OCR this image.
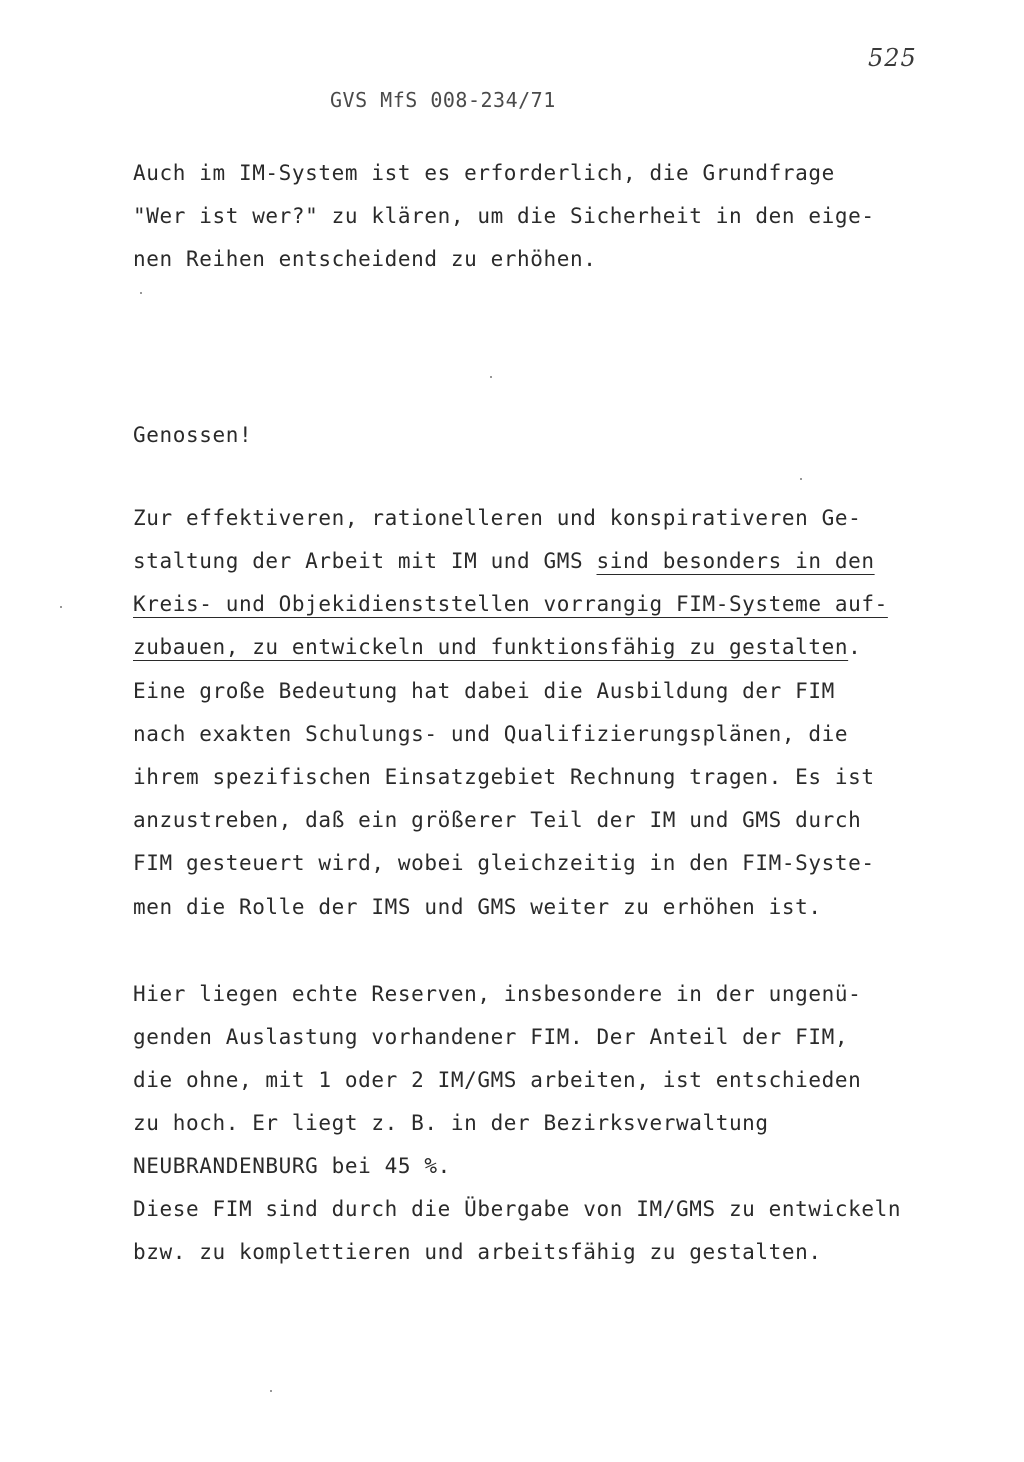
525
GVS MfS 008-234/71
Auch im IM-System ist es erforderlich, die Grundfrage
"Wer ist wer?" zu klären, um die Sicherheit in den eige-
nen Reihen entscheidend zu erhöhen.
Genossen!
Zur effektiveren, rationelleren und konspirativeren Ge-
staltung der Arbeit mit IM und GMS sind besonders in den
Kreis- und Objekidienststellen vorrangig FIM-Systeme auf-
zubauen, zu entwickeln und funktionsfähig zu gestalten.
Eine große Bedeutung hat dabei die Ausbildung der FIM
nach exakten Schulungs- und Qualifizierungsplänen, die
ihrem spezifischen Einsatzgebiet Rechnung tragen. Es ist
anzustreben, daß ein größerer Teil der IM und GMS durch
FIM gesteuert wird, wobei gleichzeitig in den FIM-Syste-
men die Rolle der IMS und GMS weiter zu erhöhen ist.
Hier liegen echte Reserven, insbesondere in der ungenü-
genden Auslastung vorhandener FIM. Der Anteil der FIM,
die ohne, mit 1 oder 2 IM/GMS arbeiten, ist entschieden
zu hoch. Er liegt z. B. in der Bezirksverwaltung
NEUBRANDENBURG bei 45 %.
Diese FIM sind durch die Übergabe von IM/GMS zu entwickeln
bzw. zu komplettieren und arbeitsfähig zu gestalten.
